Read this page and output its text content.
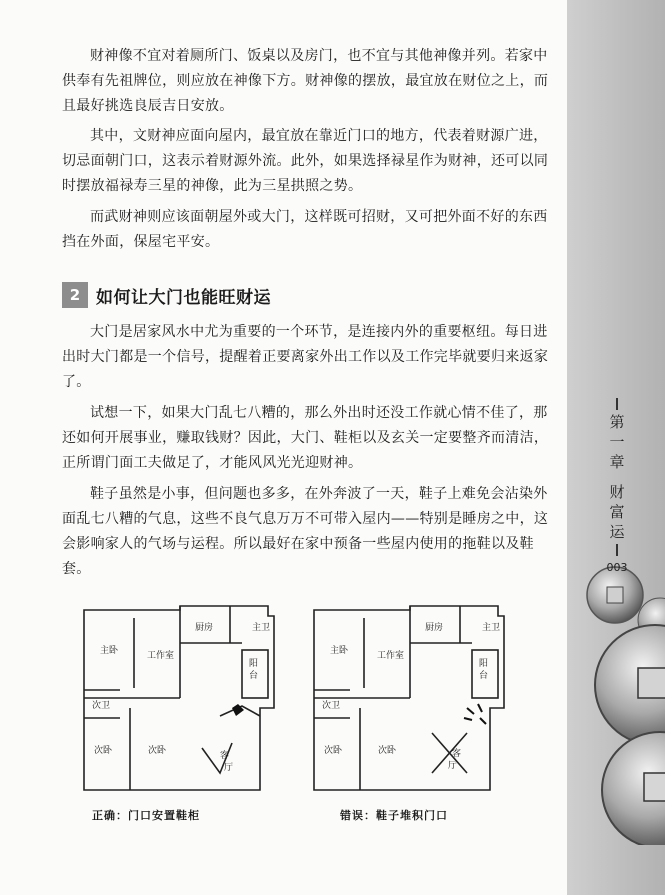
第
一
章
财
富
运
003

财神像不宜对着厕所门、饭桌以及房门，也不宜与其他神像并列。若家中供奉有先祖牌位，则应放在神像下方。财神像的摆放，最宜放在财位之上，而且最好挑选良辰吉日安放。

其中，文财神应面向屋内，最宜放在靠近门口的地方，代表着财源广进，切忌面朝门口，这表示着财源外流。此外，如果选择禄星作为财神，还可以同时摆放福禄寿三星的神像，此为三星拱照之势。

而武财神则应该面朝屋外或大门，这样既可招财，又可把外面不好的东西挡在外面，保屋宅平安。

2 如何让大门也能旺财运

大门是居家风水中尤为重要的一个环节，是连接内外的重要枢纽。每日进出时大门都是一个信号，提醒着正要离家外出工作以及工作完毕就要归来返家了。

试想一下，如果大门乱七八糟的，那么外出时还没工作就心情不佳了，那还如何开展事业，赚取钱财？因此，大门、鞋柜以及玄关一定要整齐而清洁，正所谓门面工夫做足了，才能风风光光迎财神。

鞋子虽然是小事，但问题也多多，在外奔波了一天，鞋子上难免会沾染外面乱七八糟的气息，这些不良气息万万不可带入屋内——特别是睡房之中，这会影响家人的气场与运程。所以最好在家中预备一些屋内使用的拖鞋以及鞋套。

主卧	工作室
厨房	主卫
阳
台
次卫
次卧	次卧	客
厅
主卧	工作室
厨房	主卫
阳
台
次卫
次卧	次卧	客
厅
正确：门口安置鞋柜	错误：鞋子堆积门口
